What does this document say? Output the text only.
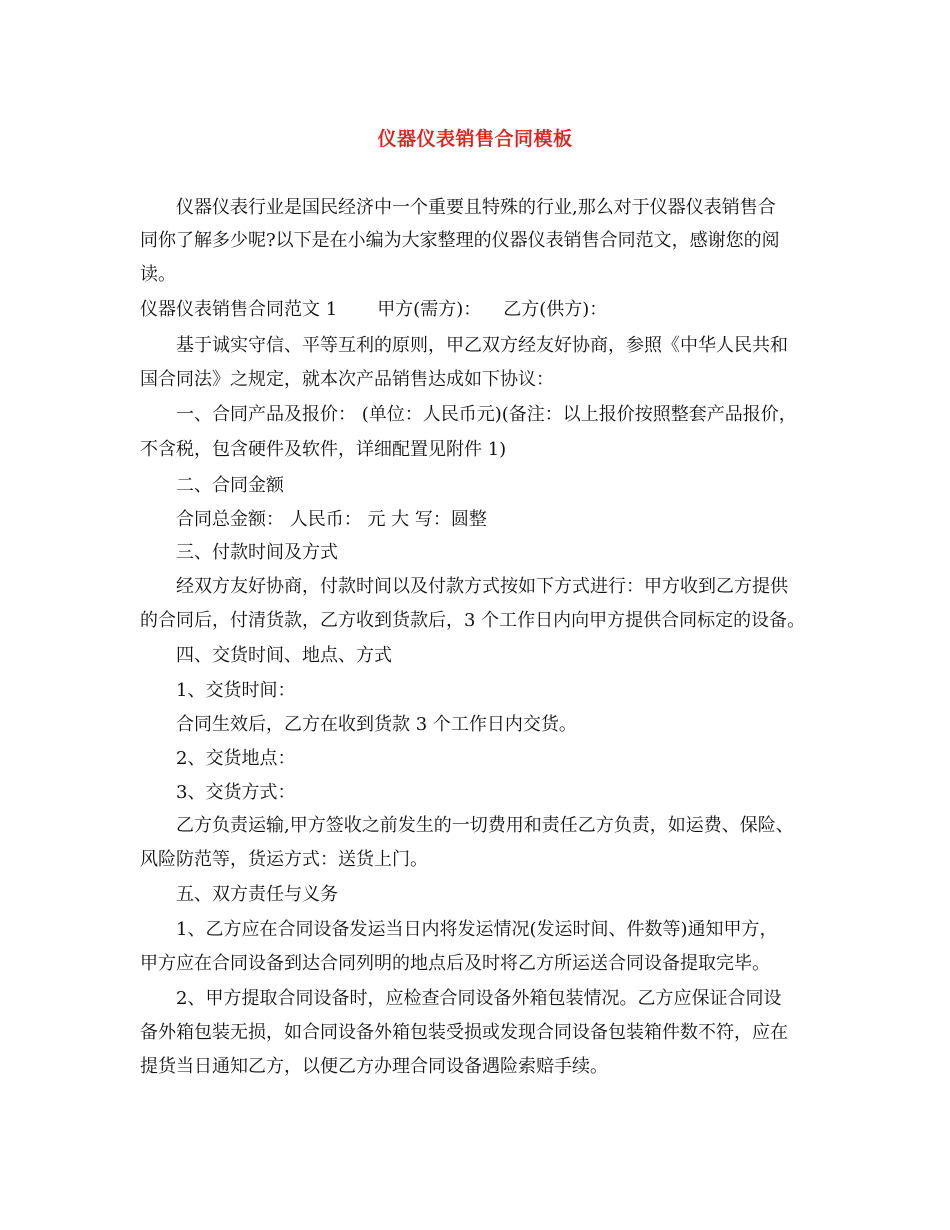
仪器仪表销售合同模板
仪器仪表行业是国民经济中一个重要且特殊的行业,那么对于仪器仪表销售合
同你了解多少呢?以下是在小编为大家整理的仪器仪表销售合同范文，感谢您的阅
读。
仪器仪表销售合同范文 1 甲方(需方)： 乙方(供方)：
基于诚实守信、平等互利的原则，甲乙双方经友好协商，参照《中华人民共和
国合同法》之规定，就本次产品销售达成如下协议：
一、合同产品及报价： (单位：人民币元)(备注：以上报价按照整套产品报价，
不含税，包含硬件及软件，详细配置见附件 1)
二、合同金额
合同总金额： 人民币： 元 大 写：圆整
三、付款时间及方式
经双方友好协商，付款时间以及付款方式按如下方式进行：甲方收到乙方提供
的合同后，付清货款，乙方收到货款后，3 个工作日内向甲方提供合同标定的设备。
四、交货时间、地点、方式
1、交货时间：
合同生效后，乙方在收到货款 3 个工作日内交货。
2、交货地点：
3、交货方式：
乙方负责运输,甲方签收之前发生的一切费用和责任乙方负责，如运费、保险、
风险防范等，货运方式：送货上门。
五、双方责任与义务
1、乙方应在合同设备发运当日内将发运情况(发运时间、件数等)通知甲方，
甲方应在合同设备到达合同列明的地点后及时将乙方所运送合同设备提取完毕。
2、甲方提取合同设备时，应检查合同设备外箱包装情况。乙方应保证合同设
备外箱包装无损，如合同设备外箱包装受损或发现合同设备包装箱件数不符，应在
提货当日通知乙方，以便乙方办理合同设备遇险索赔手续。
